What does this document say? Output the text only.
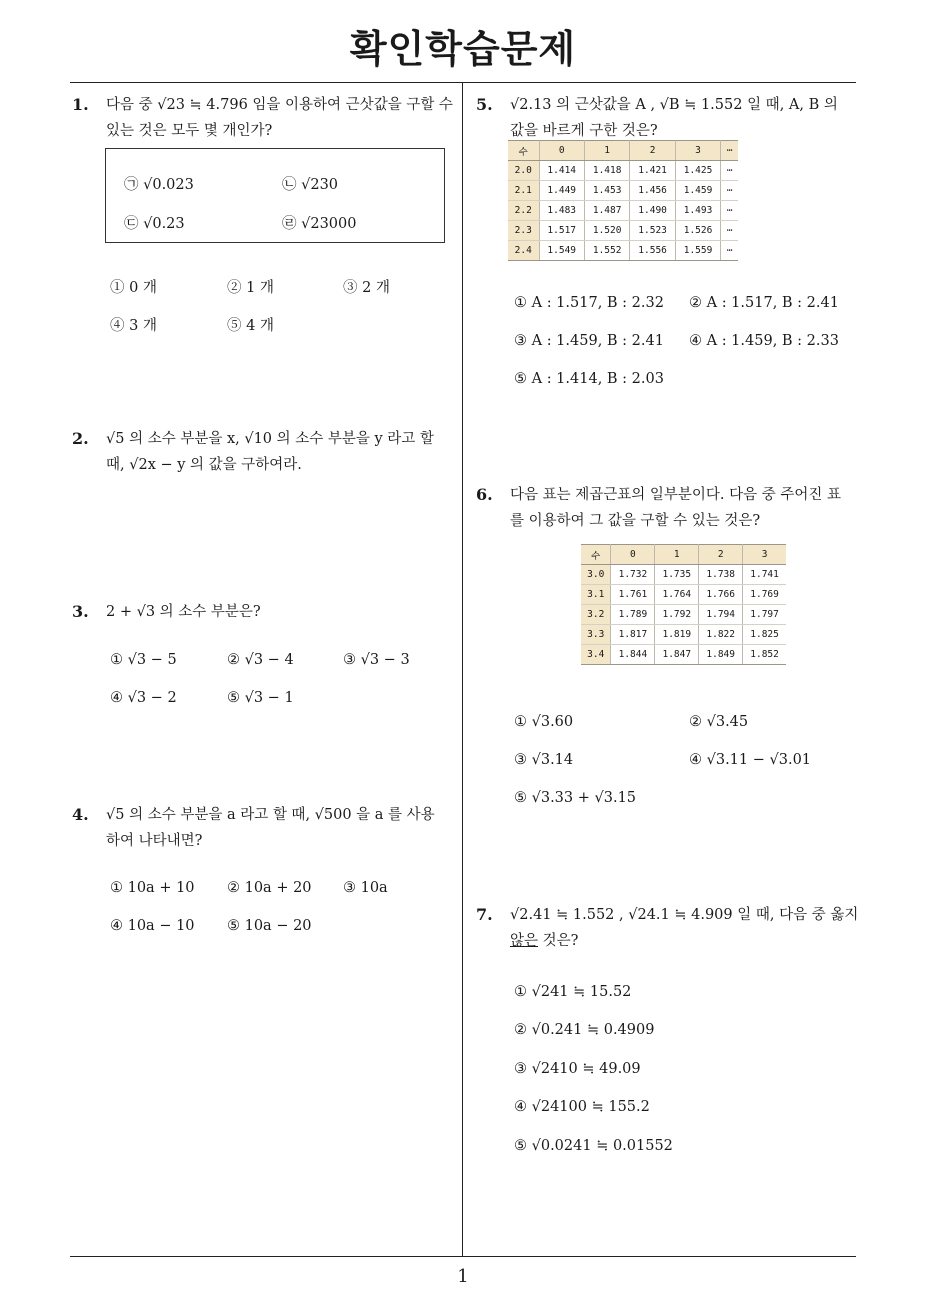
확인학습문제
1
1. 다음 중 √23 ≒ 4.796 임을 이용하여 근삿값을 구할 수
있는 것은 모두 몇 개인가?
㉠ √0.023	㉡ √230
㉢ √0.23	㉣ √23000
① 0 개	② 1 개	③ 2 개
④ 3 개	⑤ 4 개
2. √5 의 소수 부분을 x, √10 의 소수 부분을 y 라고 할
때, √2x − y 의 값을 구하여라.
3. 2 + √3 의 소수 부분은?
① √3 − 5	② √3 − 4	③ √3 − 3
④ √3 − 2	⑤ √3 − 1
4. √5 의 소수 부분을 a 라고 할 때, √500 을 a 를 사용
하여 나타내면?
① 10a + 10 ② 10a + 20 ③ 10a
④ 10a − 10 ⑤ 10a − 20
5. √2.13 의 근삿값을 A , √B ≒ 1.552 일 때, A, B 의
값을 바르게 구한 것은?
수	0	1	2	3	⋯
2.0	1.414	1.418	1.421	1.425	⋯
2.1	1.449	1.453	1.456	1.459	⋯
2.2	1.483	1.487	1.490	1.493	⋯
2.3	1.517	1.520	1.523	1.526	⋯
2.4	1.549	1.552	1.556	1.559	⋯
① A : 1.517, B : 2.32 ② A : 1.517, B : 2.41
③ A : 1.459, B : 2.41 ④ A : 1.459, B : 2.33
⑤ A : 1.414, B : 2.03
6. 다음 표는 제곱근표의 일부분이다. 다음 중 주어진 표
를 이용하여 그 값을 구할 수 있는 것은?
수	0	1	2	3
3.0	1.732	1.735	1.738	1.741
3.1	1.761	1.764	1.766	1.769
3.2	1.789	1.792	1.794	1.797
3.3	1.817	1.819	1.822	1.825
3.4	1.844	1.847	1.849	1.852
① √3.60	② √3.45
③ √3.14	④ √3.11 − √3.01
⑤ √3.33 + √3.15
7. √2.41 ≒ 1.552 , √24.1 ≒ 4.909 일 때, 다음 중 옳지
않은 것은?
① √241 ≒ 15.52
② √0.241 ≒ 0.4909
③ √2410 ≒ 49.09
④ √24100 ≒ 155.2
⑤ √0.0241 ≒ 0.01552
